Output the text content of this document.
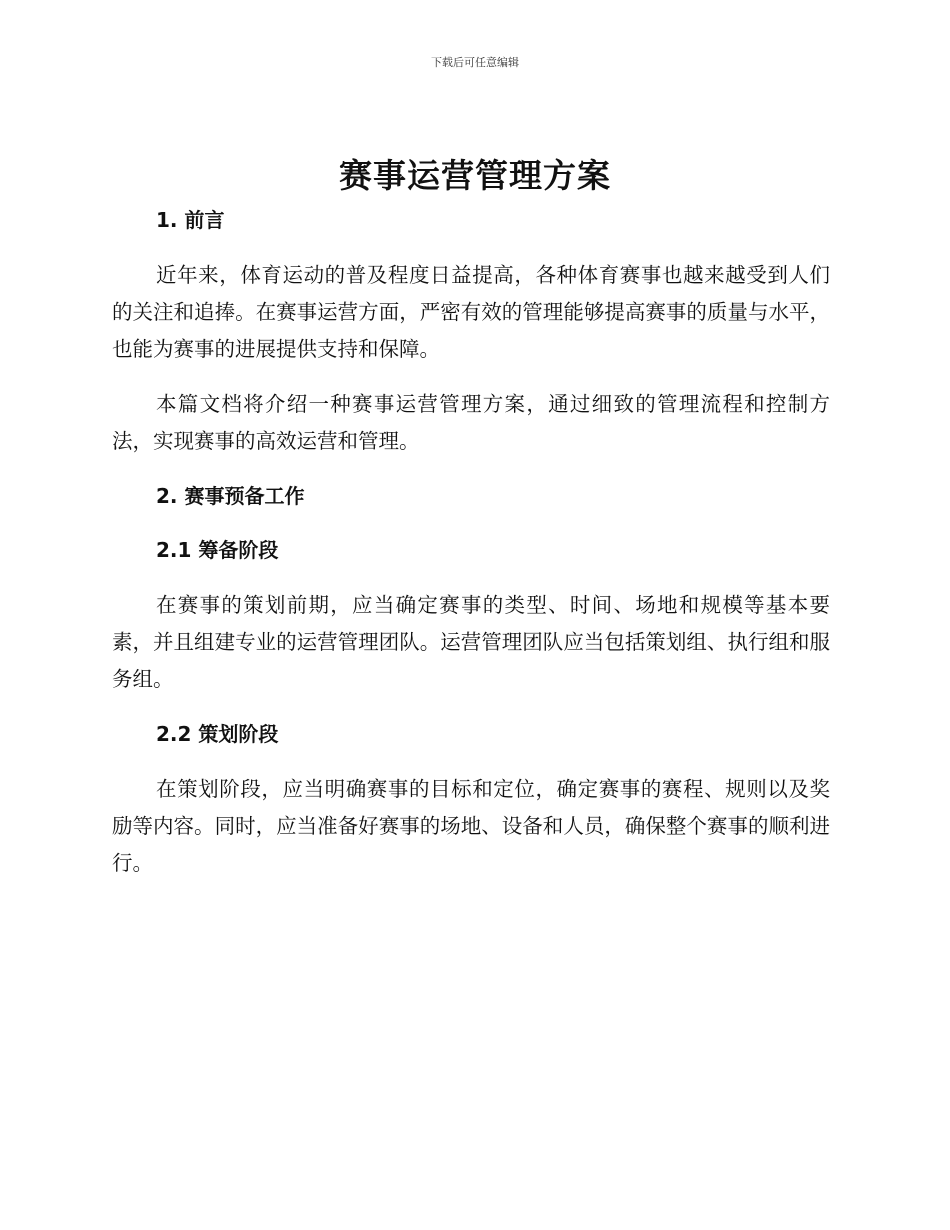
下载后可任意编辑
赛事运营管理方案
1. 前言

近年来，体育运动的普及程度日益提高，各种体育赛事也越来越受到人们的关注和追捧。在赛事运营方面，严密有效的管理能够提高赛事的质量与水平，也能为赛事的进展提供支持和保障。

本篇文档将介绍一种赛事运营管理方案，通过细致的管理流程和控制方法，实现赛事的高效运营和管理。

2. 赛事预备工作
2.1 筹备阶段

在赛事的策划前期，应当确定赛事的类型、时间、场地和规模等基本要素，并且组建专业的运营管理团队。运营管理团队应当包括策划组、执行组和服务组。

2.2 策划阶段

在策划阶段，应当明确赛事的目标和定位，确定赛事的赛程、规则以及奖励等内容。同时，应当准备好赛事的场地、设备和人员，确保整个赛事的顺利进行。
